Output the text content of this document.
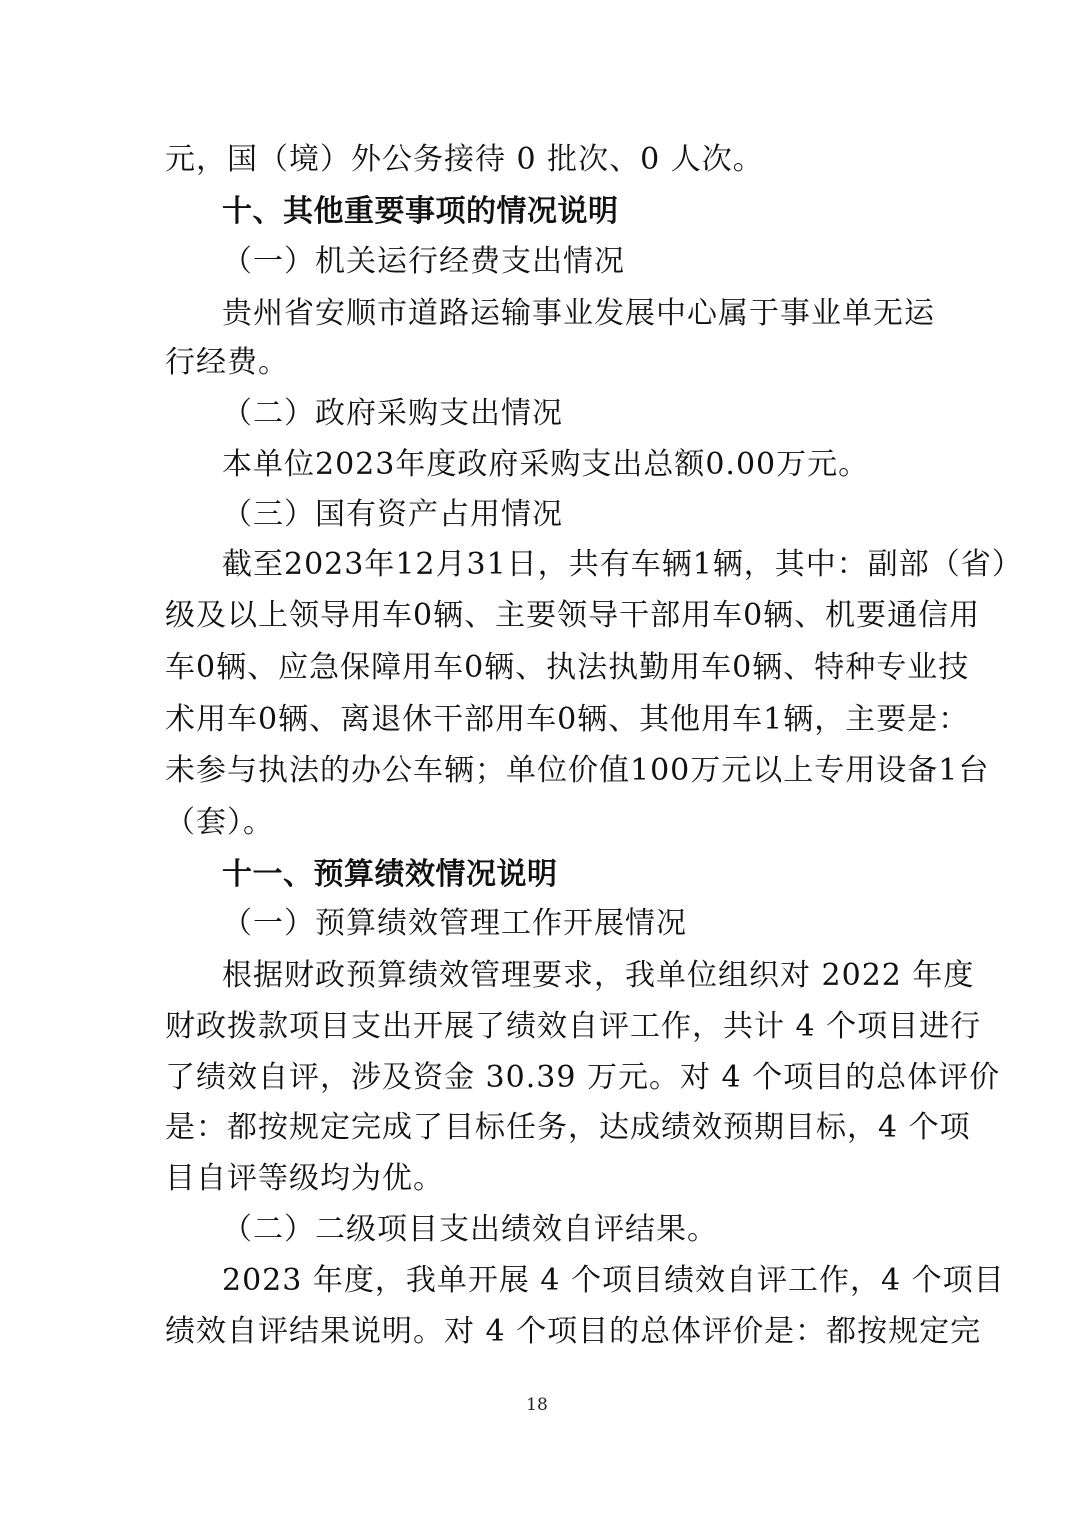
元，国（境）外公务接待 0 批次、0 人次。
十、其他重要事项的情况说明
（一）机关运行经费支出情况
贵州省安顺市道路运输事业发展中心属于事业单无运
行经费。
（二）政府采购支出情况
本单位2023年度政府采购支出总额0.00万元。
（三）国有资产占用情况
截至2023年12月31日，共有车辆1辆，其中：副部（省）
级及以上领导用车0辆、主要领导干部用车0辆、机要通信用
车0辆、应急保障用车0辆、执法执勤用车0辆、特种专业技
术用车0辆、离退休干部用车0辆、其他用车1辆，主要是：
未参与执法的办公车辆；单位价值100万元以上专用设备1台
（套）。
十一、预算绩效情况说明
（一）预算绩效管理工作开展情况
根据财政预算绩效管理要求，我单位组织对 2022 年度
财政拨款项目支出开展了绩效自评工作，共计 4 个项目进行
了绩效自评，涉及资金 30.39 万元。对 4 个项目的总体评价
是：都按规定完成了目标任务，达成绩效预期目标，4 个项
目自评等级均为优。
（二）二级项目支出绩效自评结果。
2023 年度，我单开展 4 个项目绩效自评工作，4 个项目
绩效自评结果说明。对 4 个项目的总体评价是：都按规定完
18
